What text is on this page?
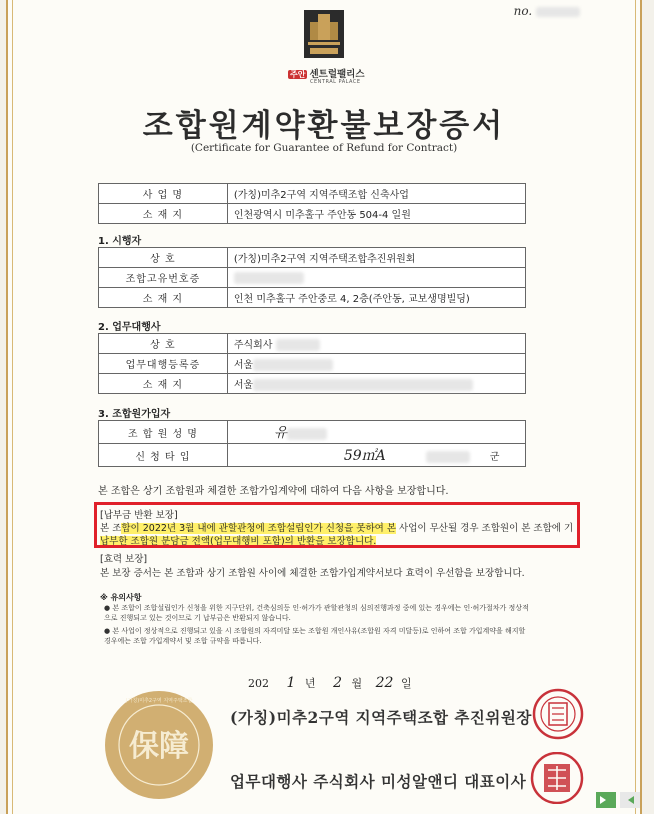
no.
주안 센트럴팰리스
CENTRAL PALACE
조합원계약환불보장증서
(Certificate for Guarantee of Refund for Contract)
사 업 명	(가칭)미추2구역 지역주택조합 신축사업
소 재 지	인천광역시 미추홀구 주안동 504-4 일원
1. 시행자
상 호	(가칭)미추2구역 지역주택조합추진위원회
조합고유번호증	
소 재 지	인천 미추홀구 주안중로 4, 2층(주안동, 교보생명빌딩)
2. 업무대행사
상 호	주식회사
업무대행등록증	서울
소 재 지	서울
3. 조합원가입자
조 합 원 성 명	유
신 청 타 입	59㎡A 군
본 조합은 상기 조합원과 체결한 조합가입계약에 대하여 다음 사항을 보장합니다.
[납부금 반환 보장]
본 조합이 2022년 3월 내에 관할관청에 조합설립인가 신청을 못하여 본 사업이 무산될 경우 조합원이 본 조합에 기
납부한 조합원 분담금 전액(업무대행비 포함)의 반환을 보장합니다.
[효력 보장]
본 보장 증서는 본 조합과 상기 조합원 사이에 체결한 조합가입계약서보다 효력이 우선함을 보장합니다.
※ 유의사항
● 본 조합이 조합설립인가 신청을 위한 지구단위, 건축심의등 인·허가가 관할관청의 심의진행과정 중에 있는 경우에는 인·허가절차가 정상적으로 진행되고 있는 것이므로 기 납부금은 반환되지 않습니다.
● 본 사업이 정상적으로 진행되고 있을 시 조합원의 자격미달 또는 조합원 개인사유(조합원 자격 미달등)로 인하여 조합 가입계약을 해지할 경우에는 조합 가입계약서 및 조합 규약을 따릅니다.
202 1 년 2 월 22 일
保障
(가칭)미추2구역 지역주택조합
(가칭)미추2구역 지역주택조합 추진위원장
업무대행사 주식회사 미성알앤디 대표이사
